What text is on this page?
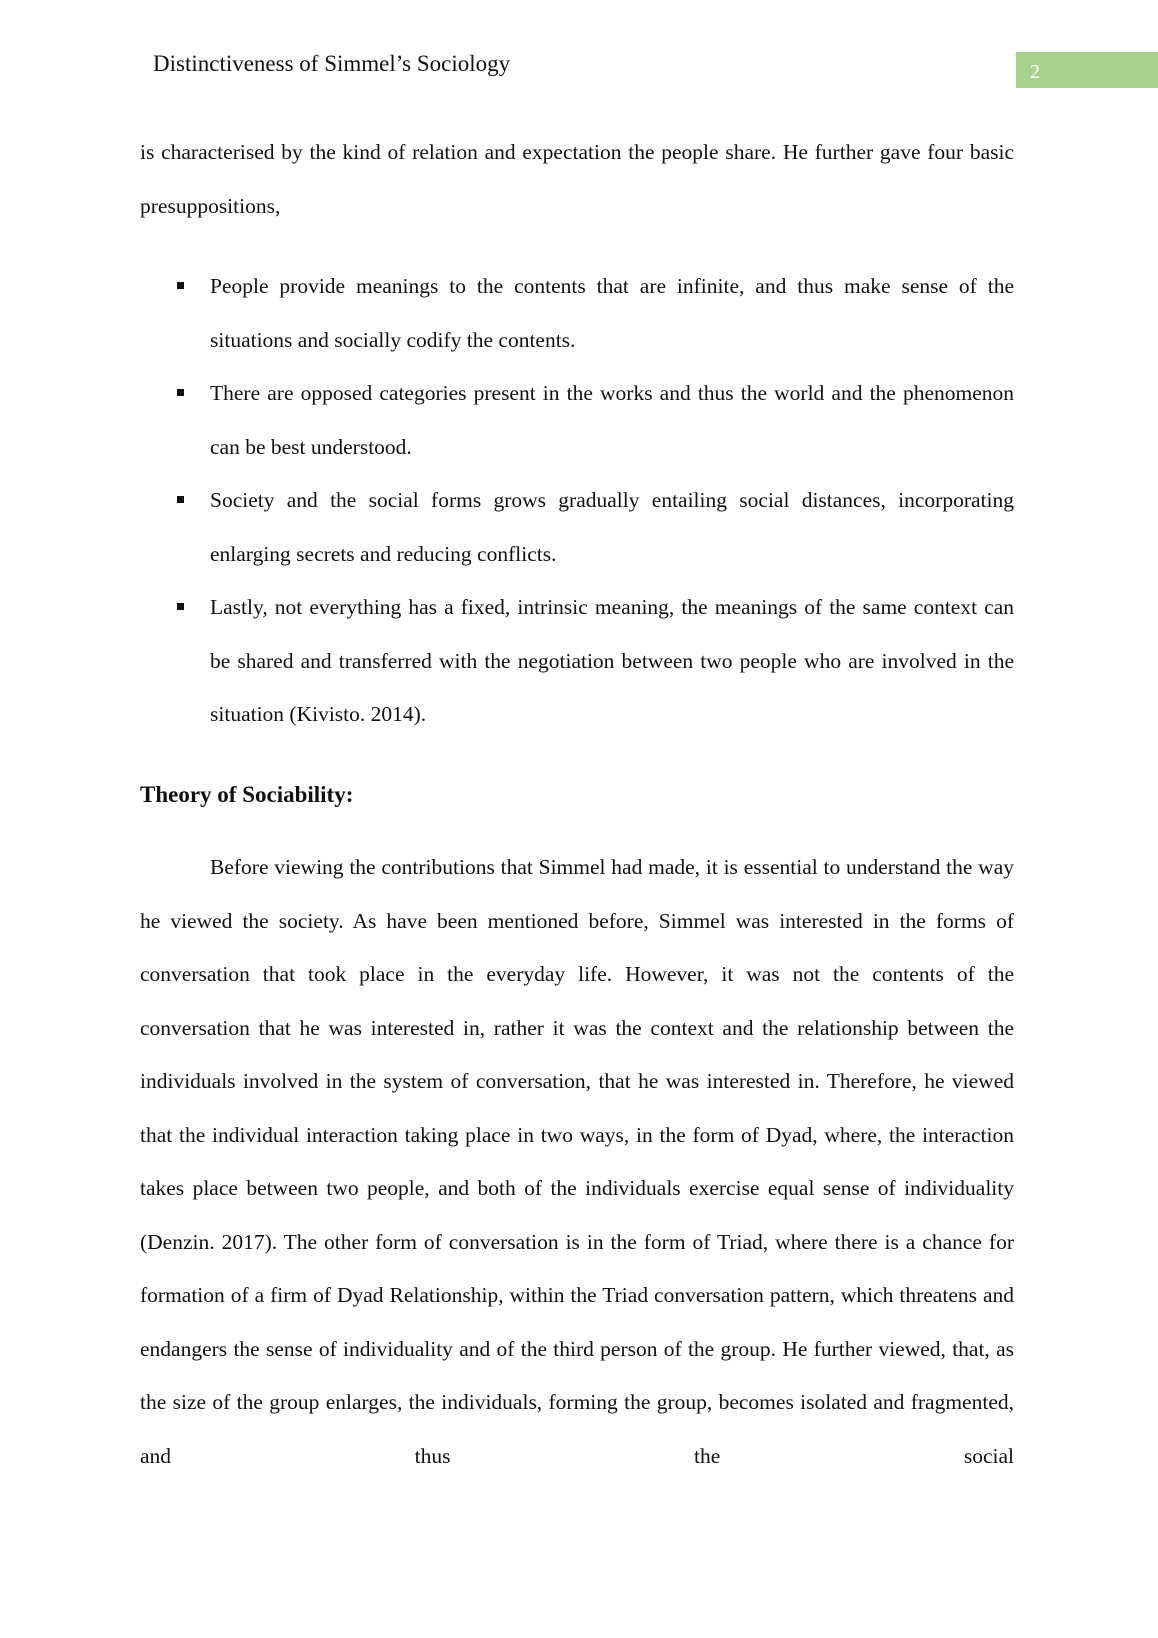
Distinctiveness of Simmel’s Sociology	2

is characterised by the kind of relation and expectation the people share. He further gave four basic presuppositions,

People provide meanings to the contents that are infinite, and thus make sense of the situations and socially codify the contents.
There are opposed categories present in the works and thus the world and the phenomenon can be best understood.
Society and the social forms grows gradually entailing social distances, incorporating enlarging secrets and reducing conflicts.
Lastly, not everything has a fixed, intrinsic meaning, the meanings of the same context can be shared and transferred with the negotiation between two people who are involved in the situation (Kivisto. 2014).
Theory of Sociability:

Before viewing the contributions that Simmel had made, it is essential to understand the way he viewed the society. As have been mentioned before, Simmel was interested in the forms of conversation that took place in the everyday life. However, it was not the contents of the conversation that he was interested in, rather it was the context and the relationship between the individuals involved in the system of conversation, that he was interested in. Therefore, he viewed that the individual interaction taking place in two ways, in the form of Dyad, where, the interaction takes place between two people, and both of the individuals exercise equal sense of individuality (Denzin. 2017). The other form of conversation is in the form of Triad, where there is a chance for formation of a firm of Dyad Relationship, within the Triad conversation pattern, which threatens and endangers the sense of individuality and of the third person of the group. He further viewed, that, as the size of the group enlarges, the individuals, forming the group, becomes isolated and fragmented, and thus the social
